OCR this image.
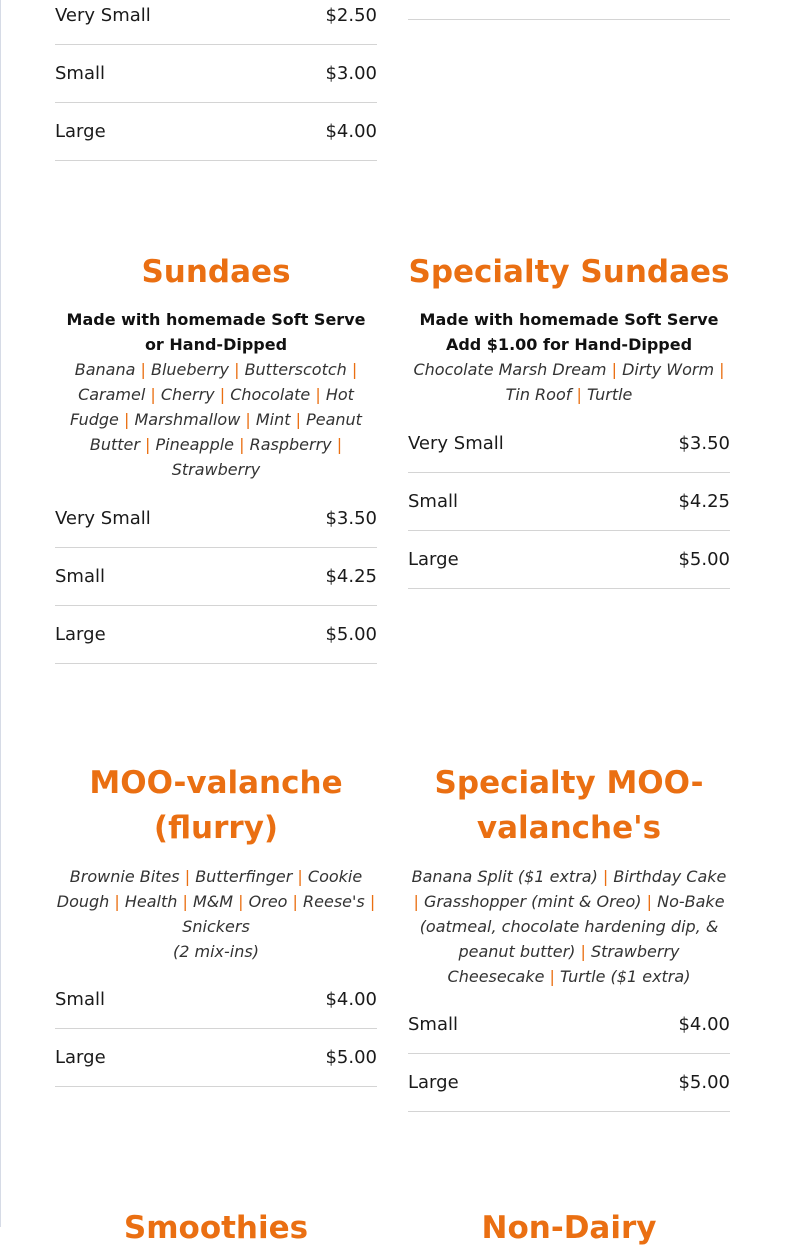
Very Small	$2.50
Small	$3.00
Large	$4.00
Sundaes
Made with homemade Soft Serve
or Hand-Dipped
Banana | Blueberry | Butterscotch | Caramel | Cherry | Chocolate | Hot Fudge | Marshmallow | Mint | Peanut Butter | Pineapple | Raspberry | Strawberry
Very Small	$3.50
Small	$4.25
Large	$5.00
Specialty Sundaes
Made with homemade Soft Serve
Add $1.00 for Hand-Dipped
Chocolate Marsh Dream | Dirty Worm | Tin Roof | Turtle
Very Small	$3.50
Small	$4.25
Large	$5.00
MOO-valanche
(flurry)
Brownie Bites | Butterfinger | Cookie Dough | Health | M&M | Oreo | Reese's | Snickers
(2 mix-ins)
Small	$4.00
Large	$5.00
Specialty MOO-
valanche's
Banana Split ($1 extra) | Birthday Cake | Grasshopper (mint & Oreo) | No-Bake (oatmeal, chocolate hardening dip, & peanut butter) | Strawberry Cheesecake | Turtle ($1 extra)
Small	$4.00
Large	$5.00
Smoothies	Non-Dairy
